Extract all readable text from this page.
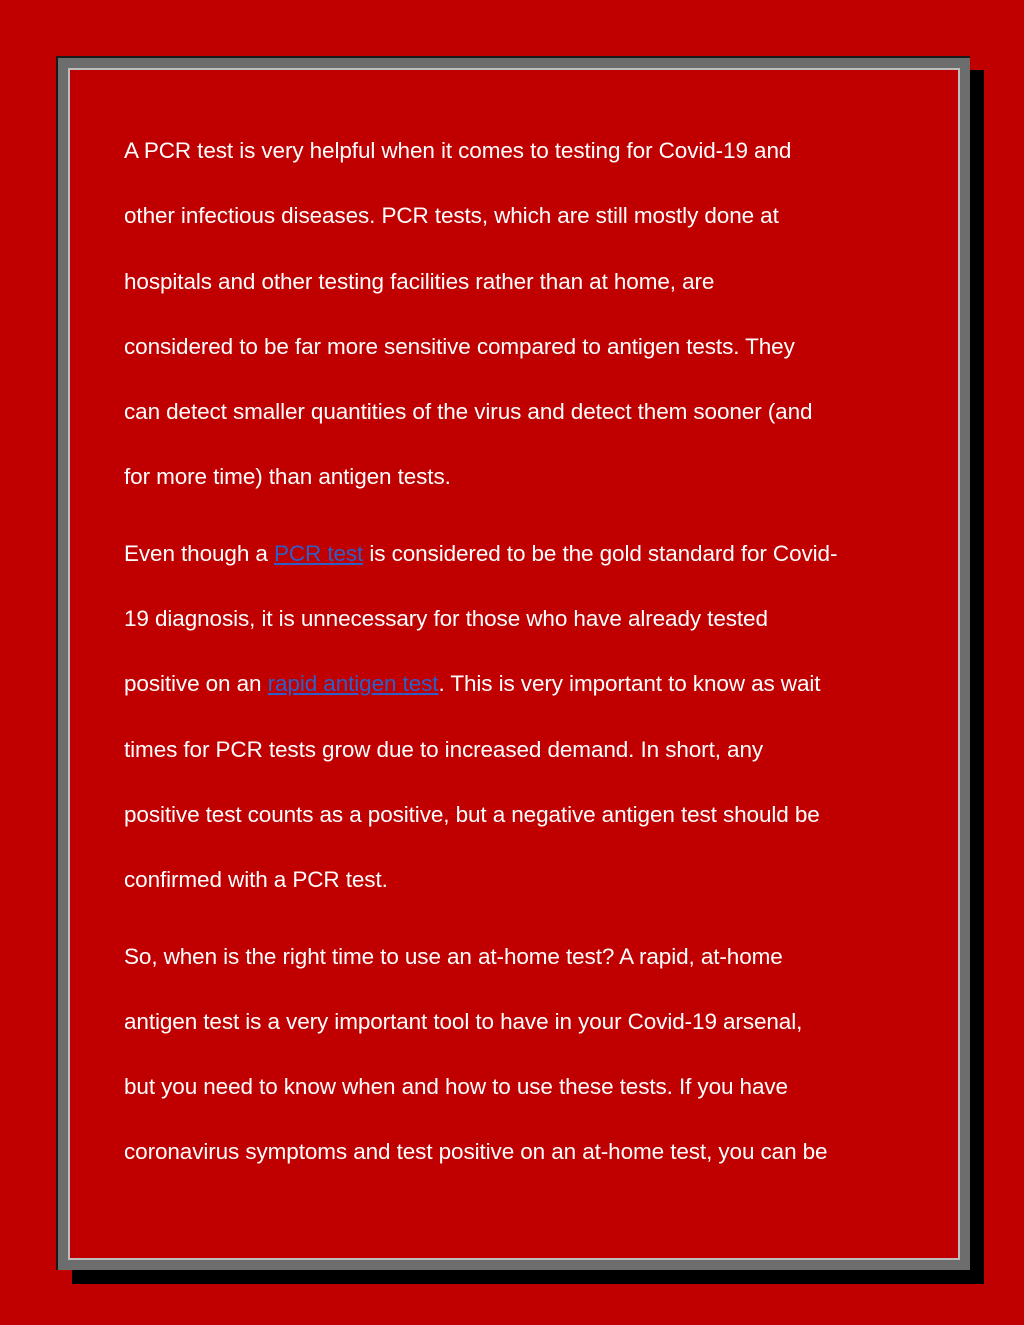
A PCR test is very helpful when it comes to testing for Covid-19 and
other infectious diseases. PCR tests, which are still mostly done at
hospitals and other testing facilities rather than at home, are
considered to be far more sensitive compared to antigen tests. They
can detect smaller quantities of the virus and detect them sooner (and
for more time) than antigen tests.

Even though a PCR test is considered to be the gold standard for Covid-
19 diagnosis, it is unnecessary for those who have already tested
positive on an rapid antigen test. This is very important to know as wait
times for PCR tests grow due to increased demand. In short, any
positive test counts as a positive, but a negative antigen test should be
confirmed with a PCR test.

So, when is the right time to use an at-home test? A rapid, at-home
antigen test is a very important tool to have in your Covid-19 arsenal,
but you need to know when and how to use these tests. If you have
coronavirus symptoms and test positive on an at-home test, you can be
